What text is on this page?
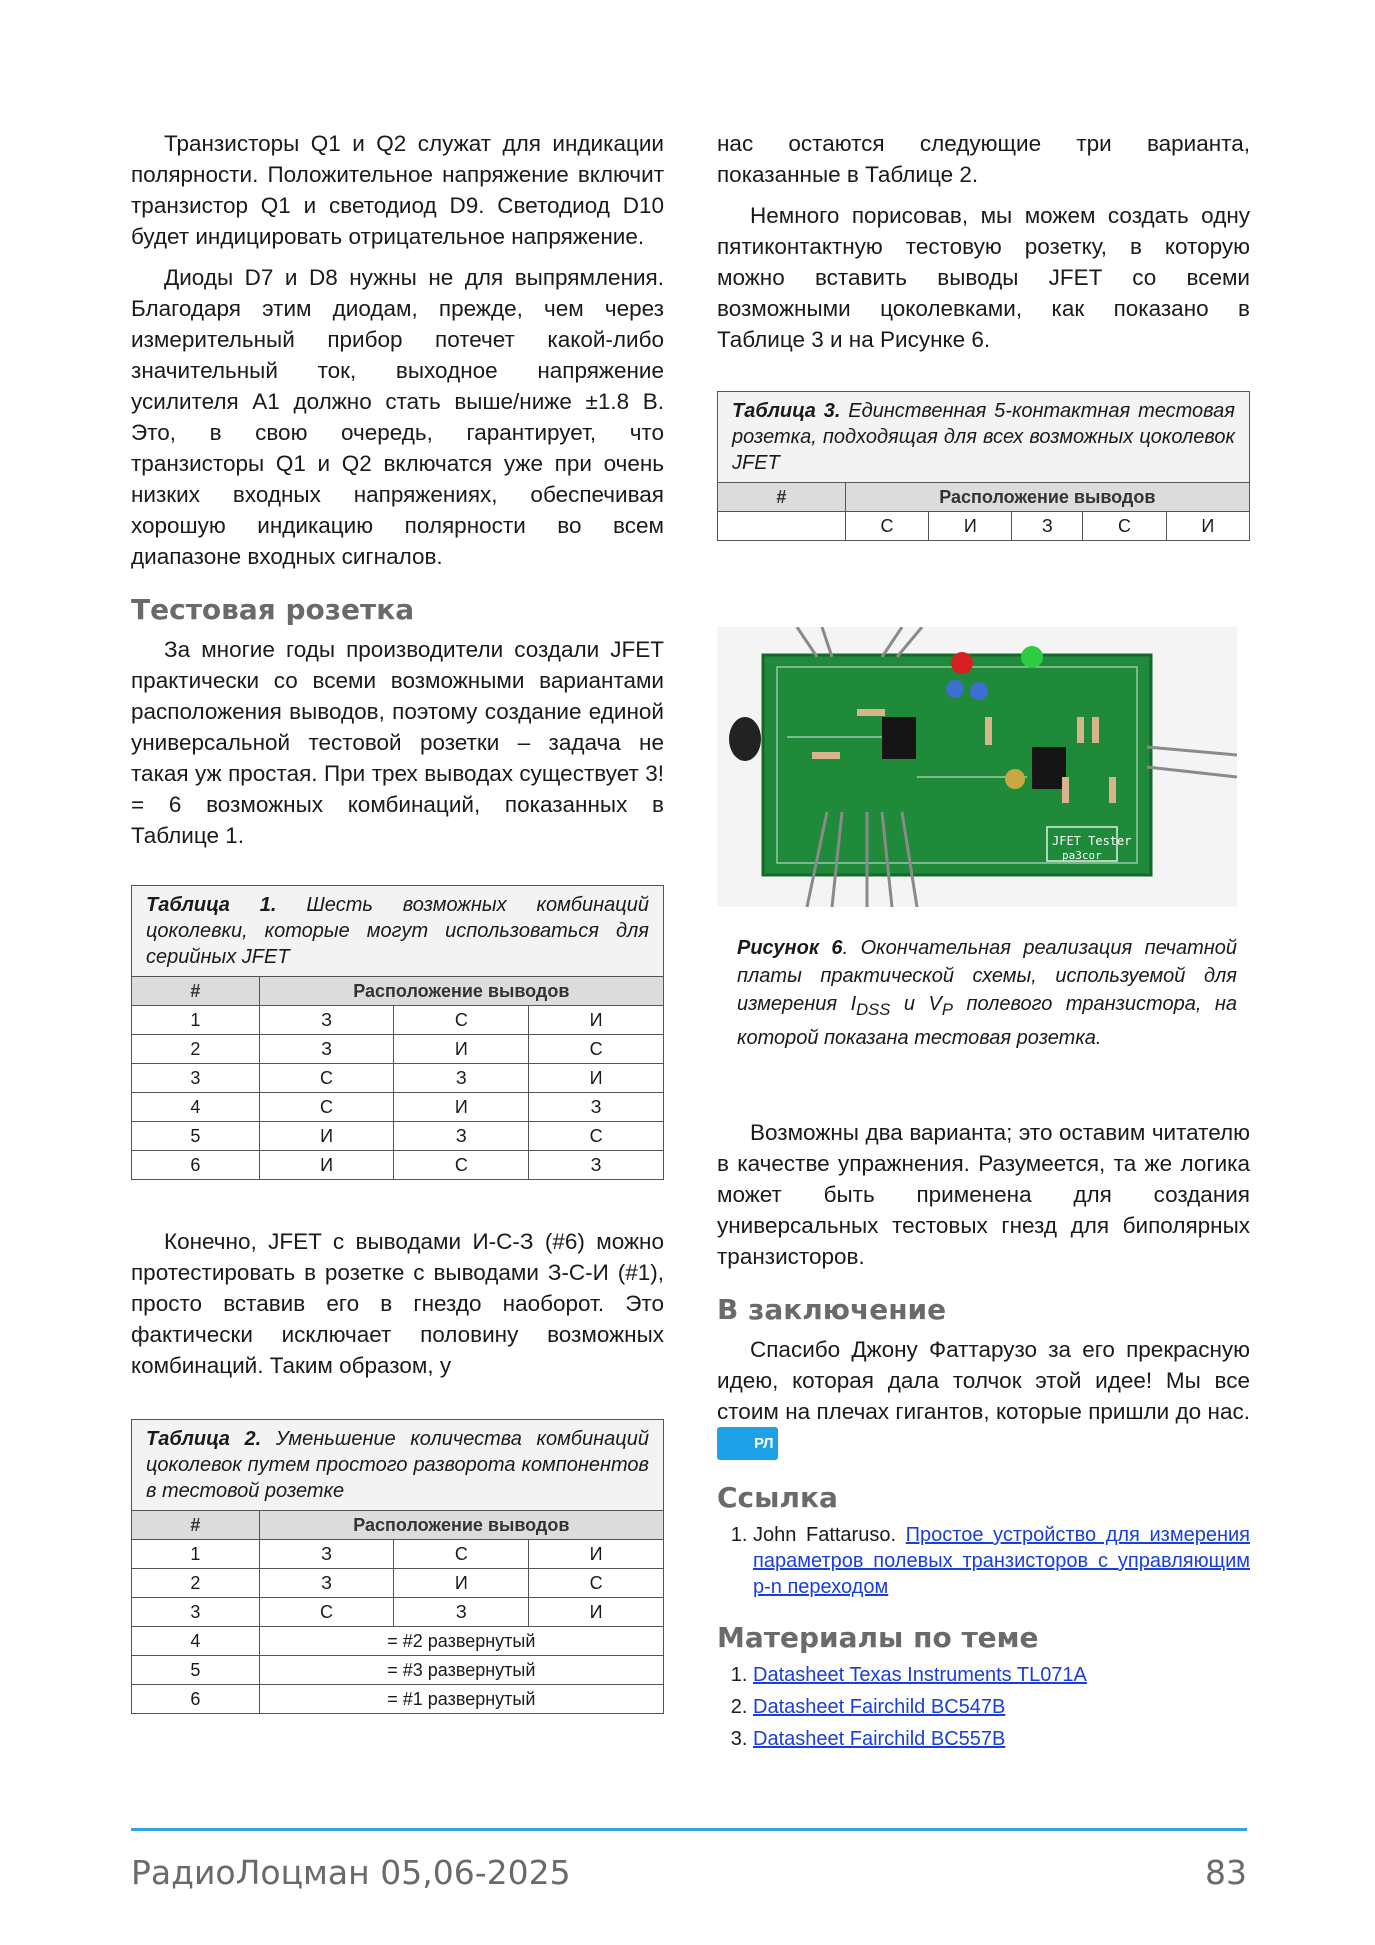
Транзисторы Q1 и Q2 служат для индикации полярности. Положительное напряжение включит транзистор Q1 и светодиод D9. Светодиод D10 будет индицировать отрицательное напряжение.

Диоды D7 и D8 нужны не для выпрямления. Благодаря этим диодам, прежде, чем через измерительный прибор потечет какой-либо значительный ток, выходное напряжение усилителя A1 должно стать выше/ниже ±1.8 В. Это, в свою очередь, гарантирует, что транзисторы Q1 и Q2 включатся уже при очень низких входных напряжениях, обеспечивая хорошую индикацию полярности во всем диапазоне входных сигналов.

Тестовая розетка

За многие годы производители создали JFET практически со всеми возможными вариантами расположения выводов, поэтому создание единой универсальной тестовой розетки – задача не такая уж простая. При трех выводах существует 3! = 6 возможных комбинаций, показанных в Таблице 1.

Таблица 1. Шесть возможных комбинаций цоколевки, которые могут использоваться для серийных JFET
#	Расположение выводов		
1	З	С	И
2	З	И	С
3	С	З	И
4	С	И	З
5	И	З	С
6	И	С	З

Конечно, JFET с выводами И-С-З (#6) можно протестировать в розетке с выводами З-С-И (#1), просто вставив его в гнездо наоборот. Это фактически исключает половину возможных комбинаций. Таким образом, у

Таблица 2. Уменьшение количества комбинаций цоколевок путем простого разворота компонентов в тестовой розетке
#	Расположение выводов		
1	З	С	И
2	З	И	С
3	С	З	И
4	= #2 развернутый		
5	= #3 развернутый		
6	= #1 развернутый		

нас остаются следующие три варианта, показанные в Таблице 2.

Немного порисовав, мы можем создать одну пятиконтактную тестовую розетку, в которую можно вставить выводы JFET со всеми возможными цоколевками, как показано в Таблице 3 и на Рисунке 6.

Таблица 3. Единственная 5-контактная тестовая розетка, подходящая для всех возможных цоколевок JFET
#	Расположение выводов				
	С	И	З	С	И
JFET Tester
pa3cor
Рисунок 6. Окончательная реализация печатной платы практической схемы, используемой для измерения $I_{DSS}$ и $V_P$ полевого транзистора, на которой показана тестовая розетка.

Возможны два варианта; это оставим читателю в качестве упражнения. Разумеется, та же логика может быть применена для создания универсальных тестовых гнезд для биполярных транзисторов.

В заключение

Спасибо Джону Фаттарузо за его прекрасную идею, которая дала толчок этой идее! Мы все стоим на плечах гигантов, которые пришли до нас.РЛ

Ссылка
1. John Fattaruso. Простое устройство для измерения параметров полевых транзисторов с управляющим p-n переходом
Материалы по теме
1. Datasheet Texas Instruments TL071A
2. Datasheet Fairchild BC547B
3. Datasheet Fairchild BC557B
РадиоЛоцман 05,06-2025	83
